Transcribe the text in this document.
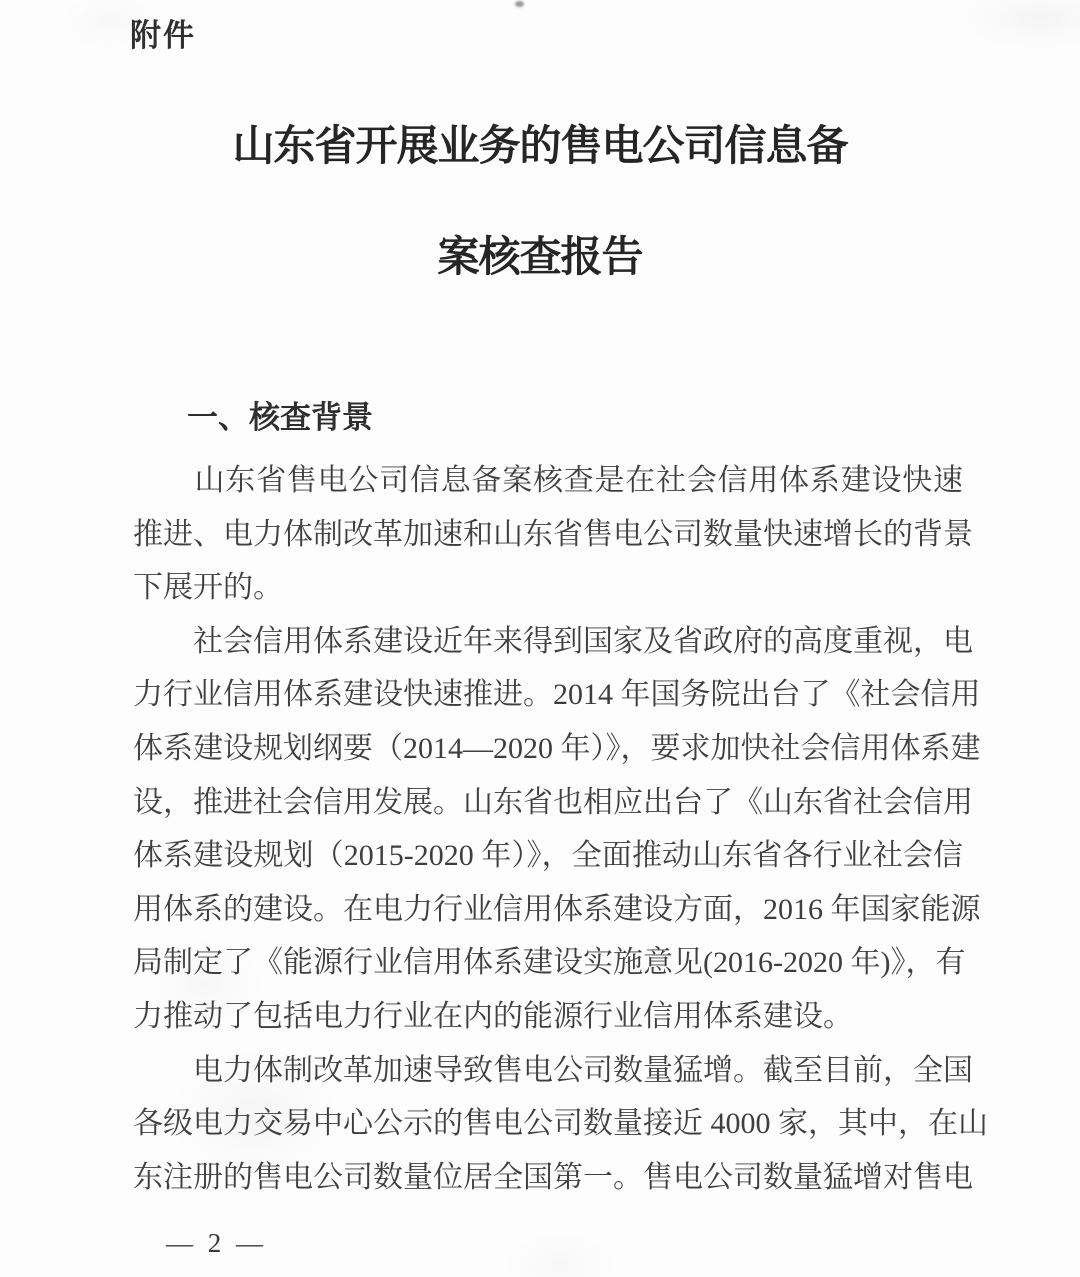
附件
山东省开展业务的售电公司信息备
案核查报告
一、核查背景
　　山东省售电公司信息备案核查是在社会信用体系建设快速
推进、电力体制改革加速和山东省售电公司数量快速增长的背景
下展开的。
　　社会信用体系建设近年来得到国家及省政府的高度重视，电
力行业信用体系建设快速推进。2014 年国务院出台了《社会信用
体系建设规划纲要（2014—2020 年）》，要求加快社会信用体系建
设，推进社会信用发展。山东省也相应出台了《山东省社会信用
体系建设规划（2015-2020 年）》，全面推动山东省各行业社会信
用体系的建设。在电力行业信用体系建设方面，2016 年国家能源
局制定了《能源行业信用体系建设实施意见(2016-2020 年)》，有
力推动了包括电力行业在内的能源行业信用体系建设。
　　电力体制改革加速导致售电公司数量猛增。截至目前，全国
各级电力交易中心公示的售电公司数量接近 4000 家，其中，在山
东注册的售电公司数量位居全国第一。售电公司数量猛增对售电
— 2 —
